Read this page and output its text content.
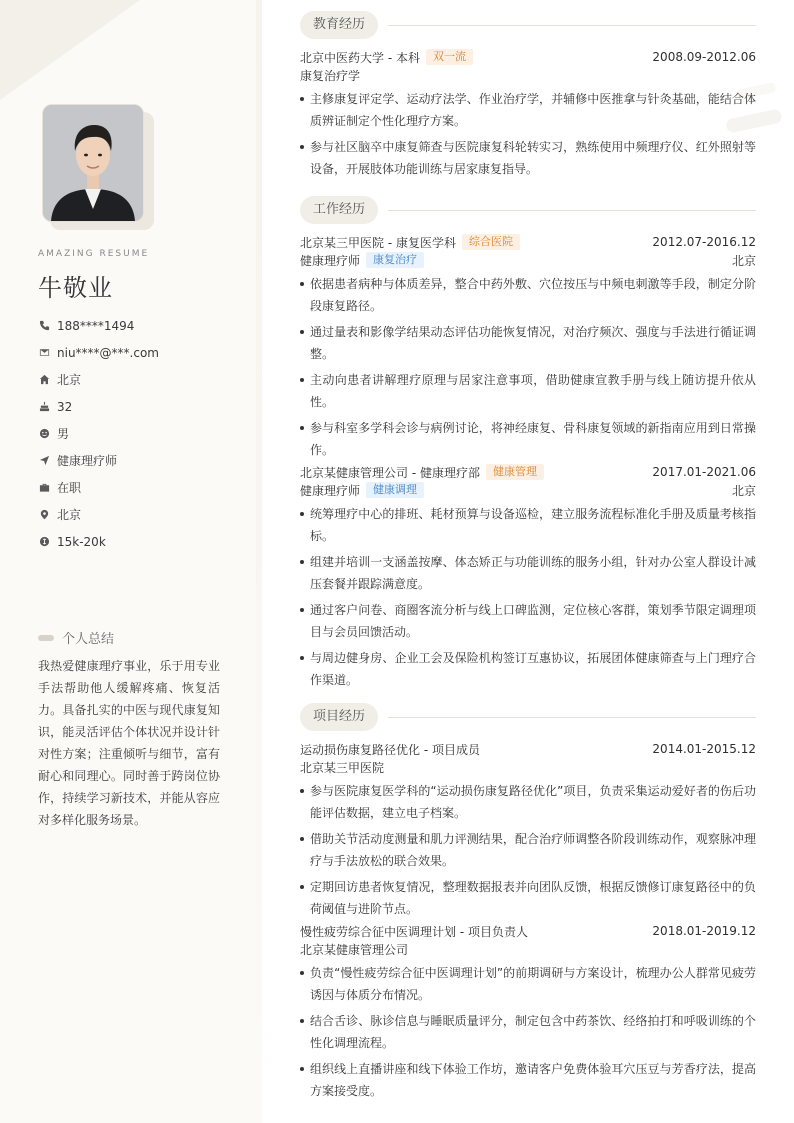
AMAZING RESUME
牛敬业
188****1494
niu****@***.com
北京
32
男
健康理疗师
在职
北京
15k-20k
个人总结
我热爱健康理疗事业，乐于用专业手法帮助他人缓解疼痛、恢复活力。具备扎实的中医与现代康复知识，能灵活评估个体状况并设计针对性方案；注重倾听与细节，富有耐心和同理心。同时善于跨岗位协作，持续学习新技术，并能从容应对多样化服务场景。
教育经历
北京中医药大学 - 本科	双一流	2008.09-2012.06
康复治疗学
主修康复评定学、运动疗法学、作业治疗学，并辅修中医推拿与针灸基础，能结合体质辨证制定个性化理疗方案。
参与社区脑卒中康复筛查与医院康复科轮转实习，熟练使用中频理疗仪、红外照射等设备，开展肢体功能训练与居家康复指导。
工作经历
北京某三甲医院 - 康复医学科	综合医院	2012.07-2016.12
健康理疗师	康复治疗	北京
依据患者病种与体质差异，整合中药外敷、穴位按压与中频电刺激等手段，制定分阶段康复路径。
通过量表和影像学结果动态评估功能恢复情况，对治疗频次、强度与手法进行循证调整。
主动向患者讲解理疗原理与居家注意事项，借助健康宣教手册与线上随访提升依从性。
参与科室多学科会诊与病例讨论，将神经康复、骨科康复领域的新指南应用到日常操作。
北京某健康管理公司 - 健康理疗部	健康管理	2017.01-2021.06
健康理疗师	健康调理	北京
统筹理疗中心的排班、耗材预算与设备巡检，建立服务流程标准化手册及质量考核指标。
组建并培训一支涵盖按摩、体态矫正与功能训练的服务小组，针对办公室人群设计减压套餐并跟踪满意度。
通过客户问卷、商圈客流分析与线上口碑监测，定位核心客群，策划季节限定调理项目与会员回馈活动。
与周边健身房、企业工会及保险机构签订互惠协议，拓展团体健康筛查与上门理疗合作渠道。
项目经历
运动损伤康复路径优化 - 项目成员	2014.01-2015.12
北京某三甲医院
参与医院康复医学科的“运动损伤康复路径优化”项目，负责采集运动爱好者的伤后功能评估数据，建立电子档案。
借助关节活动度测量和肌力评测结果，配合治疗师调整各阶段训练动作，观察脉冲理疗与手法放松的联合效果。
定期回访患者恢复情况，整理数据报表并向团队反馈，根据反馈修订康复路径中的负荷阈值与进阶节点。
慢性疲劳综合征中医调理计划 - 项目负责人	2018.01-2019.12
北京某健康管理公司
负责“慢性疲劳综合征中医调理计划”的前期调研与方案设计，梳理办公人群常见疲劳诱因与体质分布情况。
结合舌诊、脉诊信息与睡眠质量评分，制定包含中药茶饮、经络拍打和呼吸训练的个性化调理流程。
组织线上直播讲座和线下体验工作坊，邀请客户免费体验耳穴压豆与芳香疗法，提高方案接受度。
